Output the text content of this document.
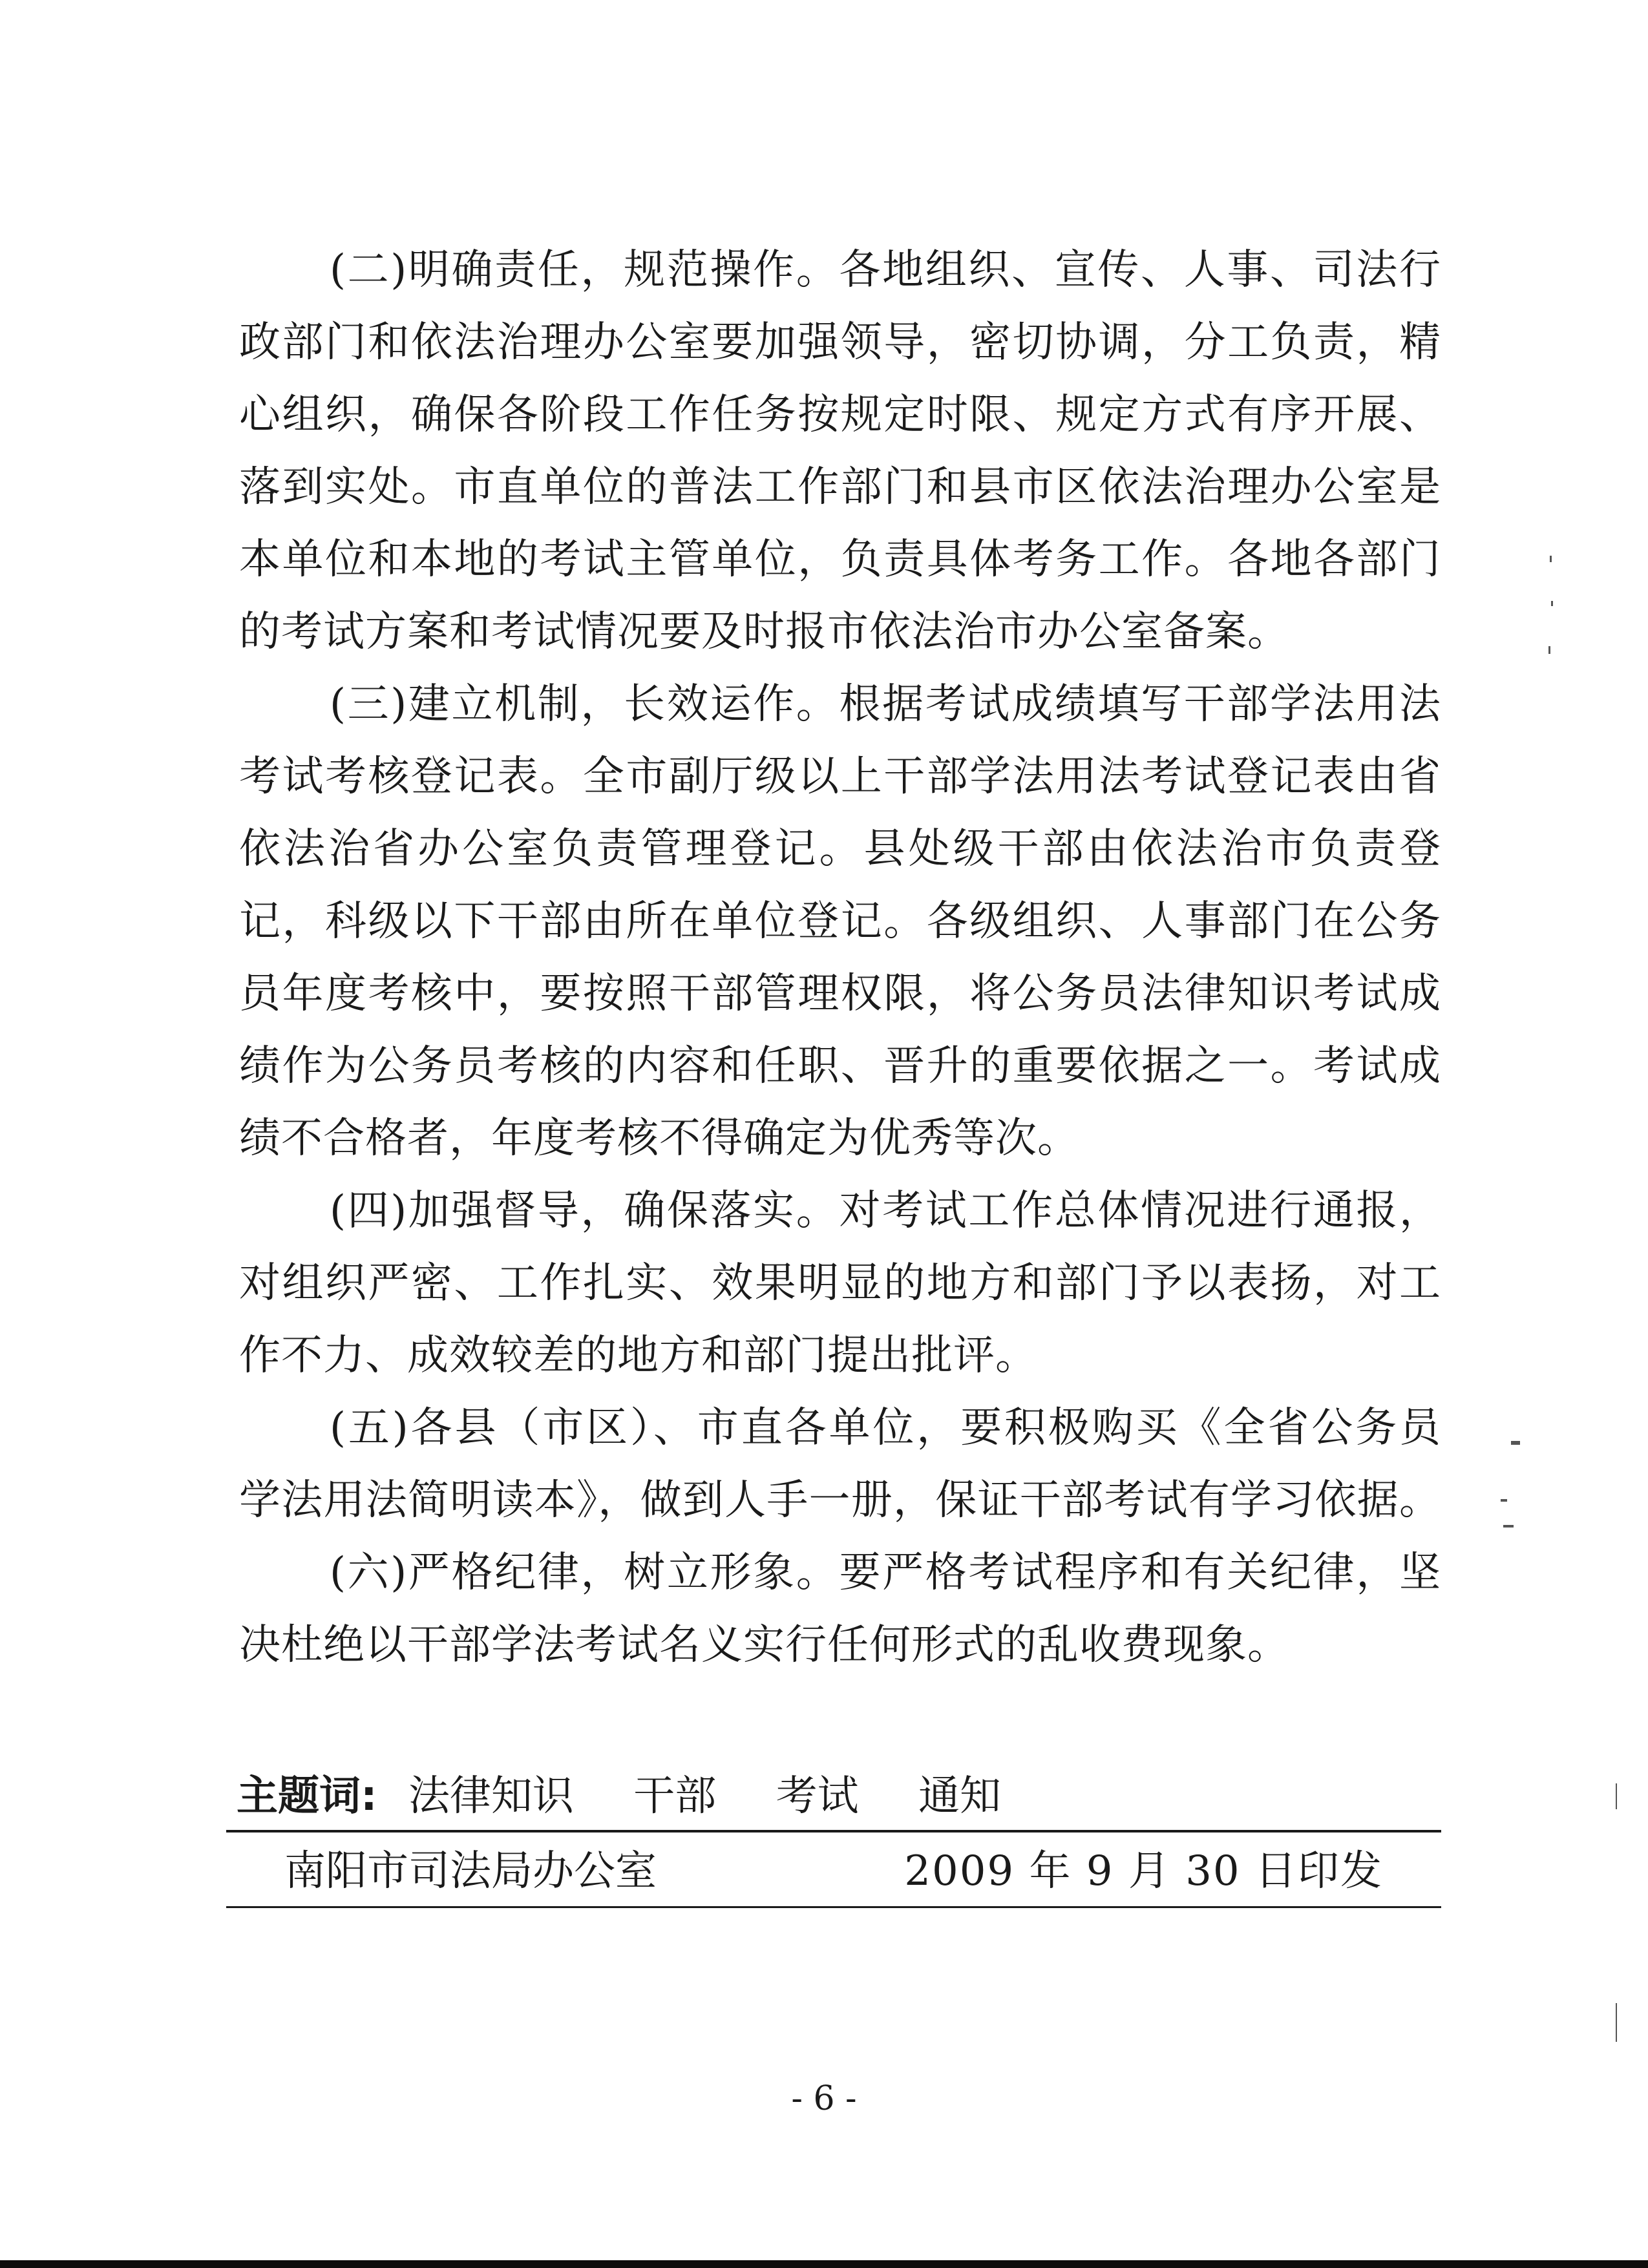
(二)明确责任，规范操作。各地组织、宣传、人事、司法行
政部门和依法治理办公室要加强领导，密切协调，分工负责，精
心组织，确保各阶段工作任务按规定时限、规定方式有序开展、
落到实处。市直单位的普法工作部门和县市区依法治理办公室是
本单位和本地的考试主管单位，负责具体考务工作。各地各部门
的考试方案和考试情况要及时报市依法治市办公室备案。
(三)建立机制，长效运作。根据考试成绩填写干部学法用法
考试考核登记表。全市副厅级以上干部学法用法考试登记表由省
依法治省办公室负责管理登记。县处级干部由依法治市负责登
记，科级以下干部由所在单位登记。各级组织、人事部门在公务
员年度考核中，要按照干部管理权限，将公务员法律知识考试成
绩作为公务员考核的内容和任职、晋升的重要依据之一。考试成
绩不合格者，年度考核不得确定为优秀等次。
(四)加强督导，确保落实。对考试工作总体情况进行通报，
对组织严密、工作扎实、效果明显的地方和部门予以表扬，对工
作不力、成效较差的地方和部门提出批评。
(五)各县（市区）、市直各单位，要积极购买《全省公务员
学法用法简明读本》，做到人手一册，保证干部考试有学习依据。
(六)严格纪律，树立形象。要严格考试程序和有关纪律，坚
决杜绝以干部学法考试名义实行任何形式的乱收费现象。
主题词: 法律知识 干部 考试 通知
南阳市司法局办公室	2009 年 9 月 30 日印发
- 6 -
